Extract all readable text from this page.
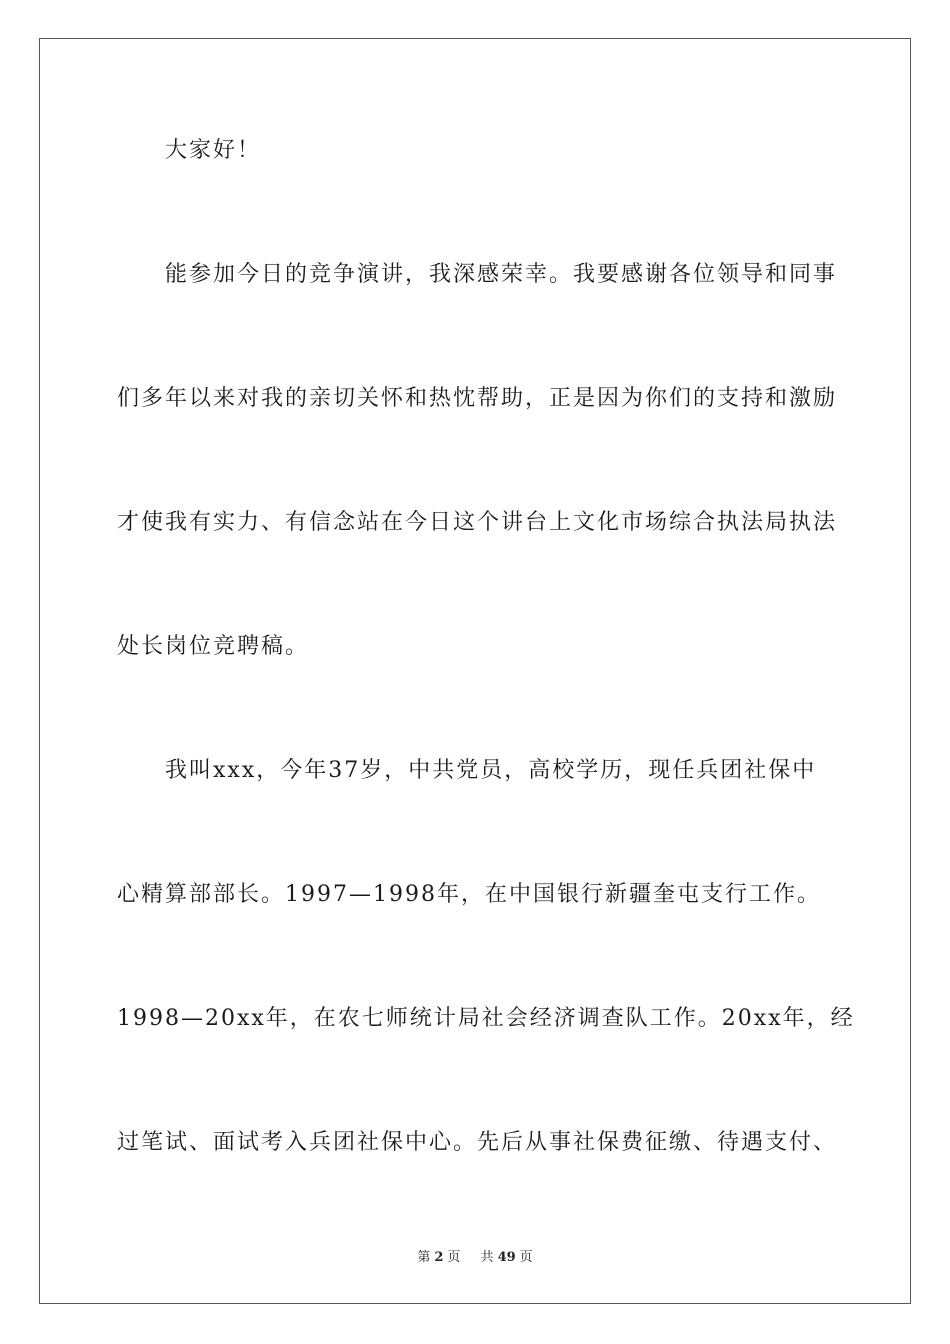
大家好！
能参加今日的竞争演讲，我深感荣幸。我要感谢各位领导和同事
们多年以来对我的亲切关怀和热忱帮助，正是因为你们的支持和激励
才使我有实力、有信念站在今日这个讲台上文化市场综合执法局执法
处长岗位竞聘稿。
我叫xxx，今年37岁，中共党员，高校学历，现任兵团社保中
心精算部部长。1997—1998年，在中国银行新疆奎屯支行工作。
1998—20xx年，在农七师统计局社会经济调查队工作。20xx年，经
过笔试、面试考入兵团社保中心。先后从事社保费征缴、待遇支付、
第 2 页 共 49 页
